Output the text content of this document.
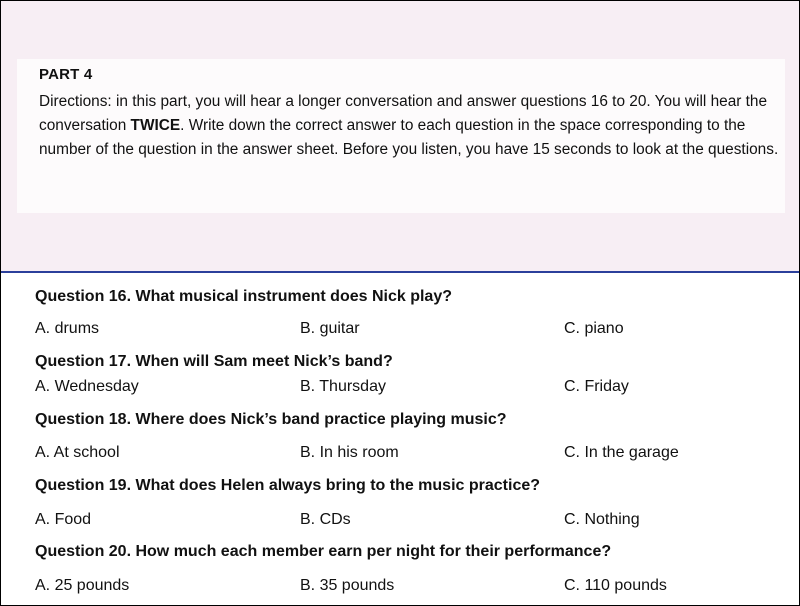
PART 4
Directions: in this part, you will hear a longer conversation and answer questions 16 to 20. You will hear the conversation TWICE. Write down the correct answer to each question in the space corresponding to the number of the question in the answer sheet. Before you listen, you have 15 seconds to look at the questions.
Question 16. What musical instrument does Nick play?
A. drums	B. guitar	C. piano
Question 17. When will Sam meet Nick’s band?
A. Wednesday	B. Thursday	C. Friday
Question 18. Where does Nick’s band practice playing music?
A. At school	B. In his room	C. In the garage
Question 19. What does Helen always bring to the music practice?
A. Food	B. CDs	C. Nothing
Question 20. How much each member earn per night for their performance?
A. 25 pounds	B. 35 pounds	C. 110 pounds
